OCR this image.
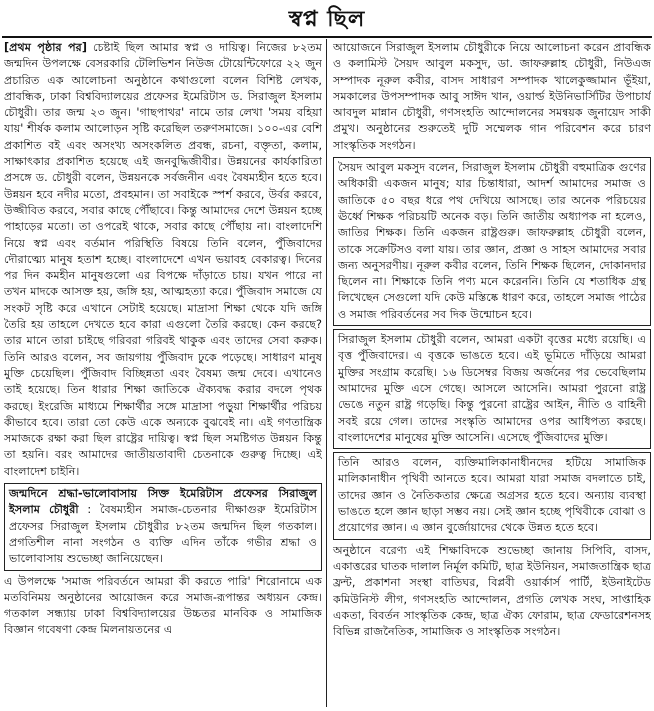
স্বপ্ন ছিল

[প্রথম পৃষ্ঠার পর] চেষ্টাই ছিল আমার স্বপ্ন ও দায়িত্ব। নিজের ৮২তম জন্মদিন উপলক্ষে বেসরকারি টেলিভিশন নিউজ টোয়েন্টিফোরে ২২ জুন প্রচারিত এক আলোচনা অনুষ্ঠানে কথাগুলো বলেন বিশিষ্ট লেখক, প্রাবন্ধিক, ঢাকা বিশ্ববিদ্যালয়ের প্রফেসর ইমেরিটাস ড. সিরাজুল ইসলাম চৌধুরী। তার জন্ম ২৩ জুন। 'গাছপাথর' নামে তার লেখা 'সময় বহিয়া যায়' শীর্ষক কলাম আলোড়ন সৃষ্টি করেছিল তরুণসমাজে। ১০০-এর বেশি প্রকাশিত বই এবং অসংখ্য অসংকলিত প্রবন্ধ, রচনা, বক্তৃতা, কলাম, সাক্ষাৎকার প্রকাশিত হয়েছে এই জনবুদ্ধিজীবীর। উন্নয়নের কার্যকারিতা প্রসঙ্গে ড. চৌধুরী বলেন, উন্নয়নকে সর্বজনীন এবং বৈষম্যহীন হতে হবে। উন্নয়ন হবে নদীর মতো, প্রবহমান। তা সবাইকে স্পর্শ করবে, উর্বর করবে, উজ্জীবিত করবে, সবার কাছে পৌঁছাবে। কিন্তু আমাদের দেশে উন্নয়ন হচ্ছে পাহাড়ের মতো। তা ওপরেই থাকে, সবার কাছে পৌঁছায় না। বাংলাদেশি নিয়ে স্বপ্ন এবং বর্তমান পরিস্থিতি বিষয়ে তিনি বলেন, পুঁজিবাদের দৌরাত্ম্যে মানুষ হতাশ হচ্ছে। বাংলাদেশে এখন ভয়াবহ বেকারত্ব। দিনের পর দিন কমহীন মানুষগুলো এর বিপক্ষে দাঁড়াতে চায়। যখন পারে না তখন মাদকে আসক্ত হয়, জঙ্গি হয়, আত্মহত্যা করে। পুঁজিবাদ সমাজে যে সংকট সৃষ্টি করে এখানে সেটাই হয়েছে। মাদ্রাসা শিক্ষা থেকে যদি জঙ্গি তৈরি হয় তাহলে দেখতে হবে কারা এগুলো তৈরি করছে। কেন করছে? তার মানে তারা চাইছে গরিবরা গরিবই থাকুক এবং তাদের সেবা করুক। তিনি আরও বলেন, সব জায়গায় পুঁজিবাদ ঢুকে পড়েছে। সাধারণ মানুষ মুক্তি চেয়েছিল। পুঁজিবাদ বিচ্ছিন্নতা এবং বৈষম্য জন্ম দেবে। এখানেও তাই হয়েছে। তিন ধারার শিক্ষা জাতিকে ঐক্যবদ্ধ করার বদলে পৃথক করছে। ইংরেজি মাধ্যমে শিক্ষার্থীর সঙ্গে মাদ্রাসা পড়ুয়া শিক্ষার্থীর পরিচয় কীভাবে হবে। তারা তো কেউ একে অন্যকে বুঝবেই না। এই গণতান্ত্রিক সমাজকে রক্ষা করা ছিল রাষ্ট্রের দায়িত্ব। স্বপ্ন ছিল সমষ্টিগত উন্নয়ন কিন্তু তা হয়নি। বরং আমাদের জাতীয়তাবাদী চেতনাকে গুরুত্ব দিচ্ছে। এই বাংলাদেশ চাইনি।

জন্মদিনে শ্রদ্ধা-ভালোবাসায় সিক্ত ইমেরিটাস প্রফেসর সিরাজুল ইসলাম চৌধুরী : বৈষম্যহীন সমাজ-চেতনার দীক্ষাগুরু ইমেরিটাস প্রফেসর সিরাজুল ইসলাম চৌধুরীর ৮২তম জন্মদিন ছিল গতকাল। প্রগতিশীল নানা সংগঠন ও ব্যক্তি এদিন তাঁকে গভীর শ্রদ্ধা ও ভালোবাসায় শুভেচ্ছা জানিয়েছেন।

এ উপলক্ষে 'সমাজ পরিবর্তনে আমরা কী করতে পারি' শিরোনামে এক মতবিনিময় অনুষ্ঠানের আয়োজন করে সমাজ-রূপান্তর অধ্যয়ন কেন্দ্র। গতকাল সন্ধ্যায় ঢাকা বিশ্ববিদ্যালয়ের উচ্চতর মানবিক ও সামাজিক বিজ্ঞান গবেষণা কেন্দ্র মিলনায়তনের এ

আয়োজনে সিরাজুল ইসলাম চৌধুরীকে নিয়ে আলোচনা করেন প্রাবন্ধিক ও কলামিস্ট সৈয়দ আবুল মকসুদ, ডা. জাফরুল্লাহ চৌধুরী, নিউএজ সম্পাদক নূরুল কবীর, বাসদ সাধারণ সম্পাদক খালেকুজ্জামান ভূঁইয়া, সমকালের উপসম্পাদক আবু সাঈদ খান, ওয়ার্ল্ড ইউনিভার্সিটির উপাচার্য আবদুল মান্নান চৌধুরী, গণসংহতি আন্দোলনের সমন্বয়ক জুনায়েদ সাকী প্রমুখ। অনুষ্ঠানের শুরুতেই দুটি সম্মেলক গান পরিবেশন করে চারণ সাংস্কৃতিক সংগঠন।

সৈয়দ আবুল মকসুদ বলেন, সিরাজুল ইসলাম চৌধুরী বহুমাত্রিক গুণের অধিকারী একজন মানুষ; যার চিন্তাধারা, আদর্শ আমাদের সমাজ ও জাতিকে ৫০ বছর ধরে পথ দেখিয়ে আসছে। তার অনেক পরিচয়ের ঊর্ধ্বে শিক্ষক পরিচয়টি অনেক বড়। তিনি জাতীয় অধ্যাপক না হলেও, জাতির শিক্ষক। তিনি একজন রাষ্ট্রগুরু। জাফরুল্লাহ চৌধুরী বলেন, তাকে সক্রেটিসও বলা যায়। তার জ্ঞান, প্রজ্ঞা ও সাহস আমাদের সবার জন্য অনুসরণীয়। নূরুল কবীর বলেন, তিনি শিক্ষক ছিলেন, দোকানদার ছিলেন না। শিক্ষাকে তিনি পণ্য মনে করেননি। তিনি যে শতাধিক গ্রন্থ লিখেছেন সেগুলো যদি কেউ মস্তিষ্কে ধারণ করে, তাহলে সমাজ পাঠের ও সমাজ পরিবর্তনের সব দিক উন্মোচন হবে।
সিরাজুল ইসলাম চৌধুরী বলেন, আমরা একটা বৃত্তের মধ্যে রয়েছি। এ বৃত্ত পুঁজিবাদের। এ বৃত্তকে ভাঙতে হবে। এই ভূমিতে দাঁড়িয়ে আমরা মুক্তির সংগ্রাম করেছি। ১৬ ডিসেম্বর বিজয় অর্জনের পর ভেবেছিলাম আমাদের মুক্তি এসে গেছে। আসলে আসেনি। আমরা পুরনো রাষ্ট্র ভেঙে নতুন রাষ্ট্র গড়েছি। কিন্তু পুরনো রাষ্ট্রের আইন, নীতি ও বাহিনী সবই রয়ে গেল। তাদের সংস্কৃতি আমাদের ওপর আধিপত্য করছে। বাংলাদেশের মানুষের মুক্তি আসেনি। এসেছে পুঁজিবাদের মুক্তি।
তিনি আরও বলেন, ব্যক্তিমালিকানাধীনদের হটিয়ে সামাজিক মালিকানাধীন পৃথিবী আনতে হবে। আমরা যারা সমাজ বদলাতে চাই, তাদের জ্ঞান ও নৈতিকতার ক্ষেত্রে অগ্রসর হতে হবে। অন্যায় ব্যবস্থা ভাঙতে হলে জ্ঞান ছাড়া সম্ভব নয়। সেই জ্ঞান হচ্ছে পৃথিবীকে বোঝা ও প্রয়োগের জ্ঞান। এ জ্ঞান বুর্জোয়াদের থেকে উন্নত হতে হবে।

অনুষ্ঠানে বরেণ্য এই শিক্ষাবিদকে শুভেচ্ছা জানায় সিপিবি, বাসদ, একাত্তরের ঘাতক দালাল নির্মূল কমিটি, ছাত্র ইউনিয়ন, সমাজতান্ত্রিক ছাত্র ফ্রন্ট, প্রকাশনা সংস্থা বাতিঘর, বিপ্লবী ওয়ার্কার্স পার্টি, ইউনাইটেড কমিউনিস্ট লীগ, গণসংহতি আন্দোলন, প্রগতি লেখক সংঘ, সাপ্তাহিক একতা, বিবর্তন সাংস্কৃতিক কেন্দ্র, ছাত্র ঐক্য ফোরাম, ছাত্র ফেডারেশনসহ বিভিন্ন রাজনৈতিক, সামাজিক ও সাংস্কৃতিক সংগঠন।
